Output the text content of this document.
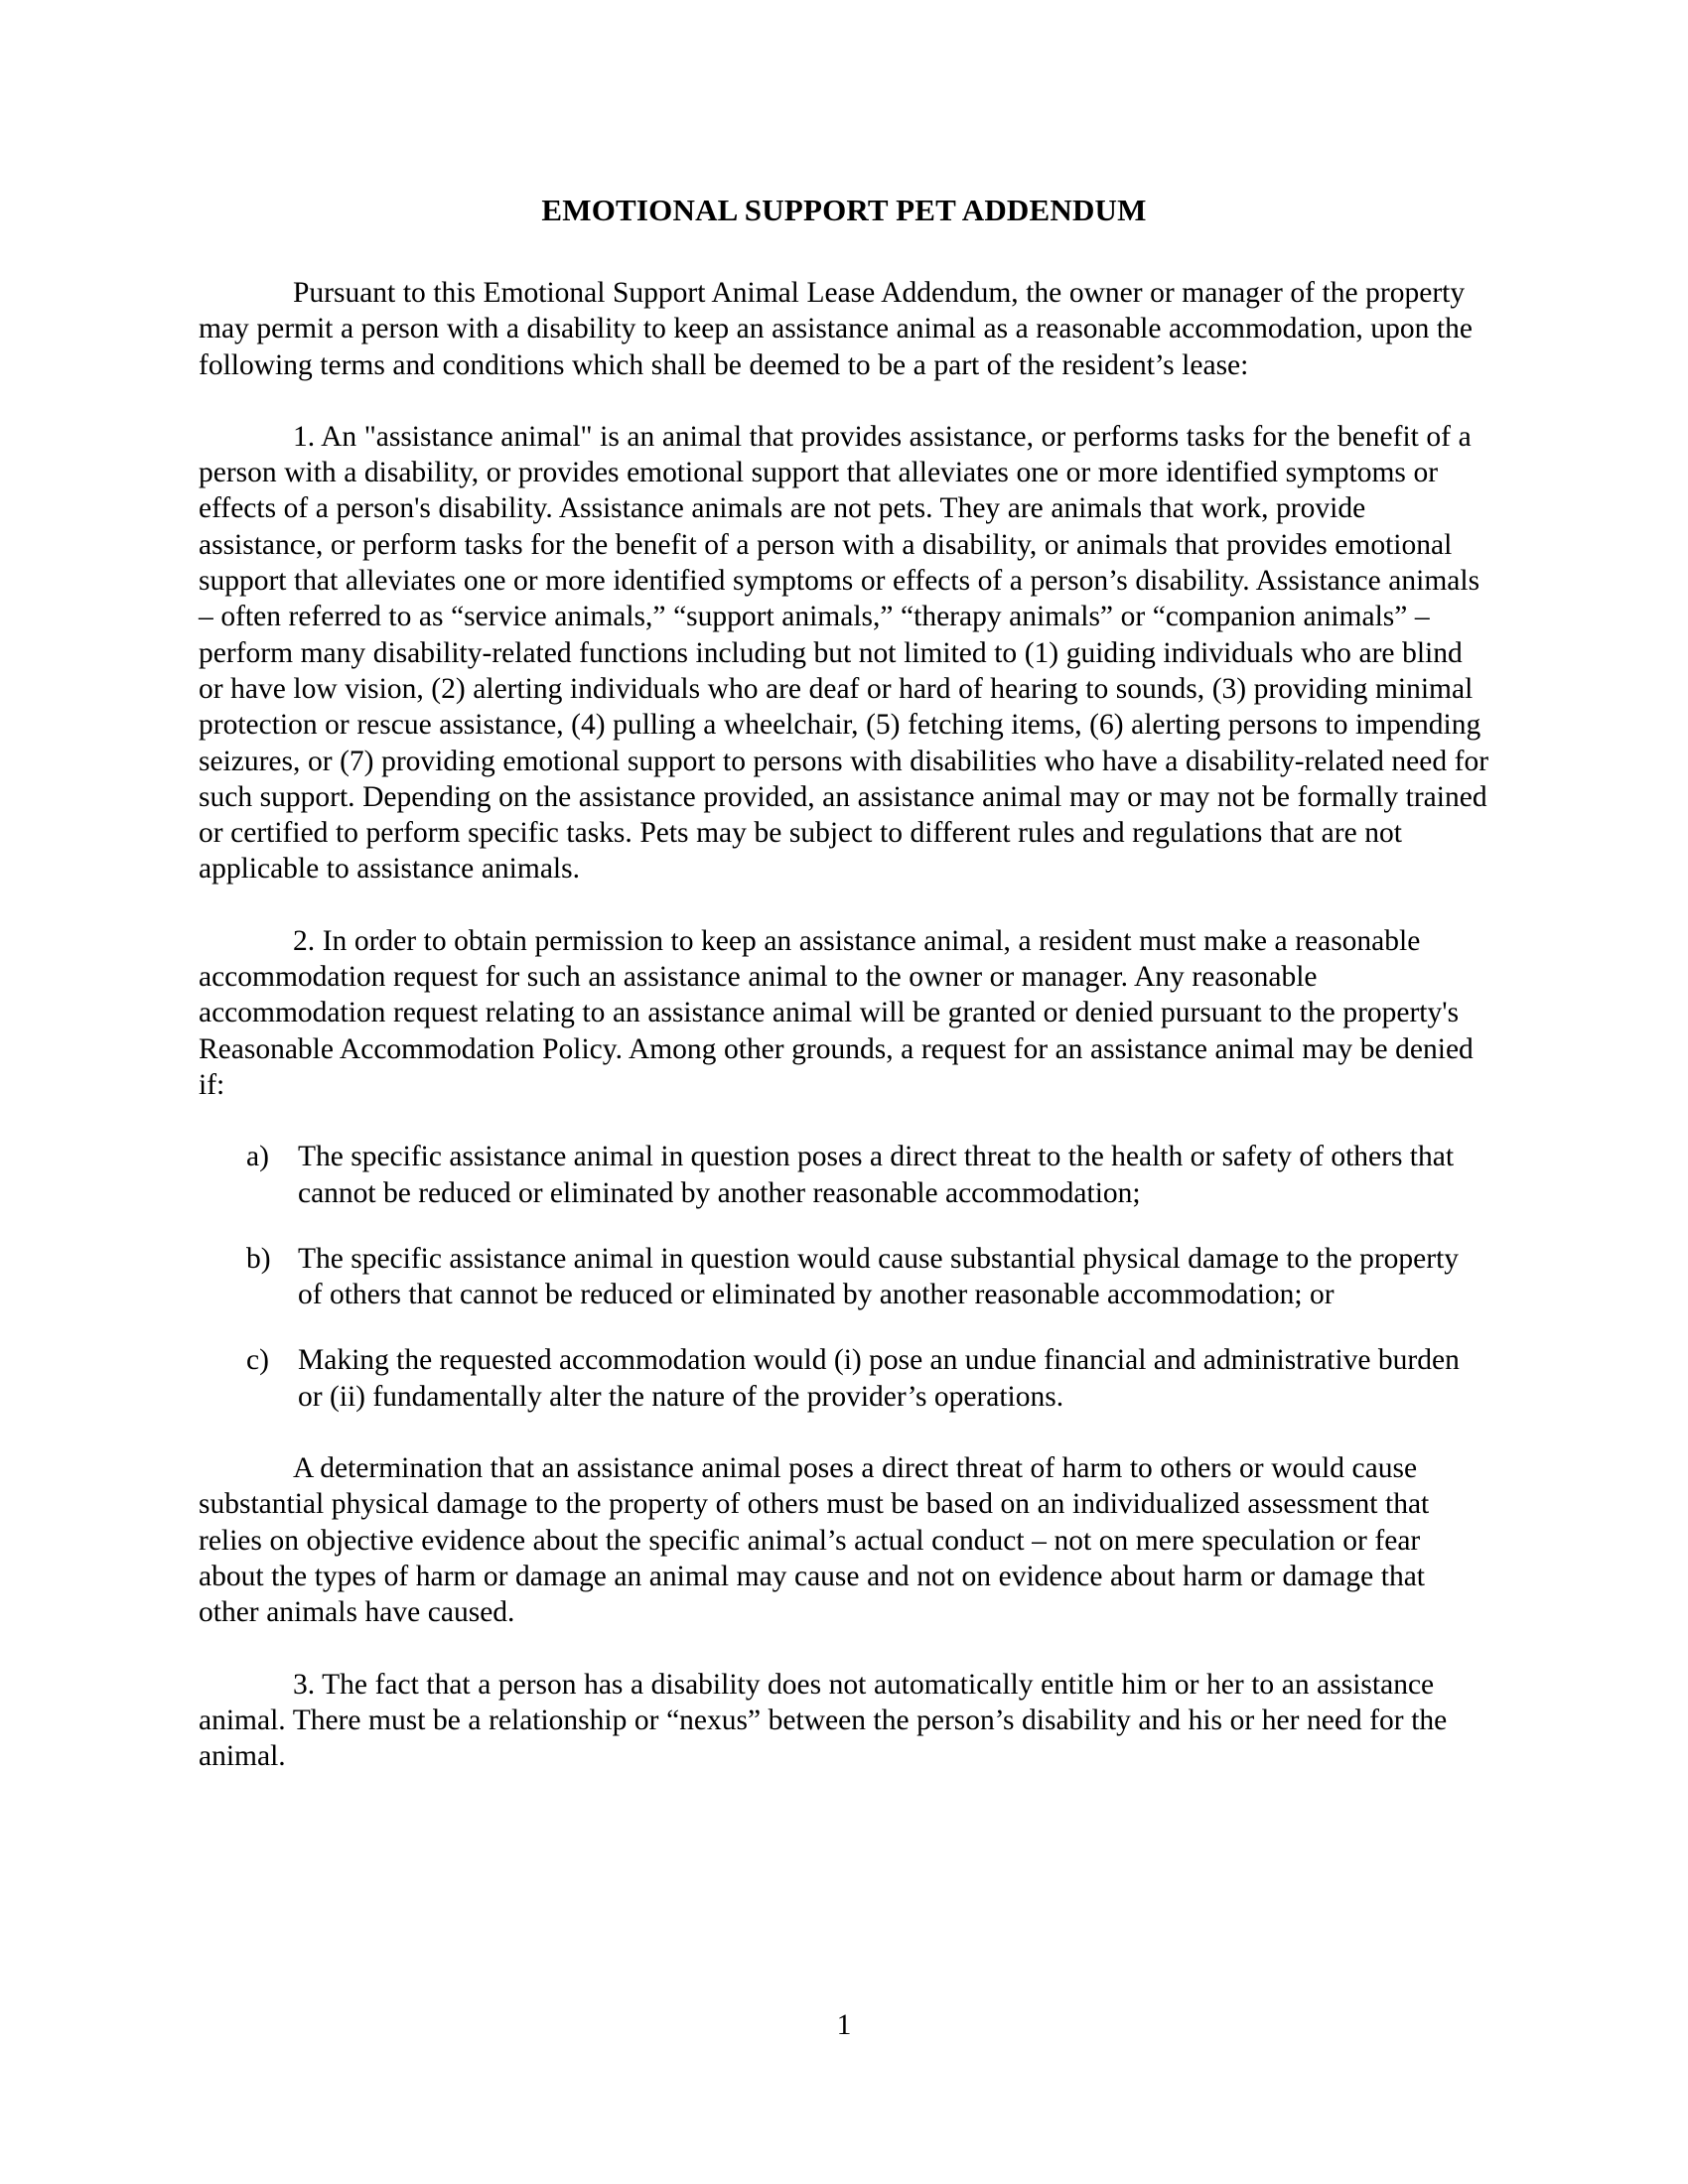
EMOTIONAL SUPPORT PET ADDENDUM

Pursuant to this Emotional Support Animal Lease Addendum, the owner or manager of the property may permit a person with a disability to keep an assistance animal as a reasonable accommodation, upon the following terms and conditions which shall be deemed to be a part of the resident’s lease:

1. An "assistance animal" is an animal that provides assistance, or performs tasks for the benefit of a person with a disability, or provides emotional support that alleviates one or more identified symptoms or effects of a person's disability. Assistance animals are not pets. They are animals that work, provide assistance, or perform tasks for the benefit of a person with a disability, or animals that provides emotional support that alleviates one or more identified symptoms or effects of a person’s disability. Assistance animals – often referred to as “service animals,” “support animals,” “therapy animals” or “companion animals” – perform many disability-related functions including but not limited to (1) guiding individuals who are blind or have low vision, (2) alerting individuals who are deaf or hard of hearing to sounds, (3) providing minimal protection or rescue assistance, (4) pulling a wheelchair, (5) fetching items, (6) alerting persons to impending seizures, or (7) providing emotional support to persons with disabilities who have a disability-related need for such support. Depending on the assistance provided, an assistance animal may or may not be formally trained or certified to perform specific tasks. Pets may be subject to different rules and regulations that are not applicable to assistance animals.

2. In order to obtain permission to keep an assistance animal, a resident must make a reasonable accommodation request for such an assistance animal to the owner or manager. Any reasonable accommodation request relating to an assistance animal will be granted or denied pursuant to the property's Reasonable Accommodation Policy. Among other grounds, a request for an assistance animal may be denied if:

a) The specific assistance animal in question poses a direct threat to the health or safety of others that cannot be reduced or eliminated by another reasonable accommodation;
b) The specific assistance animal in question would cause substantial physical damage to the property of others that cannot be reduced or eliminated by another reasonable accommodation; or
c) Making the requested accommodation would (i) pose an undue financial and administrative burden or (ii) fundamentally alter the nature of the provider’s operations.

A determination that an assistance animal poses a direct threat of harm to others or would cause substantial physical damage to the property of others must be based on an individualized assessment that relies on objective evidence about the specific animal’s actual conduct – not on mere speculation or fear about the types of harm or damage an animal may cause and not on evidence about harm or damage that other animals have caused.

3. The fact that a person has a disability does not automatically entitle him or her to an assistance animal. There must be a relationship or “nexus” between the person’s disability and his or her need for the animal.

1
